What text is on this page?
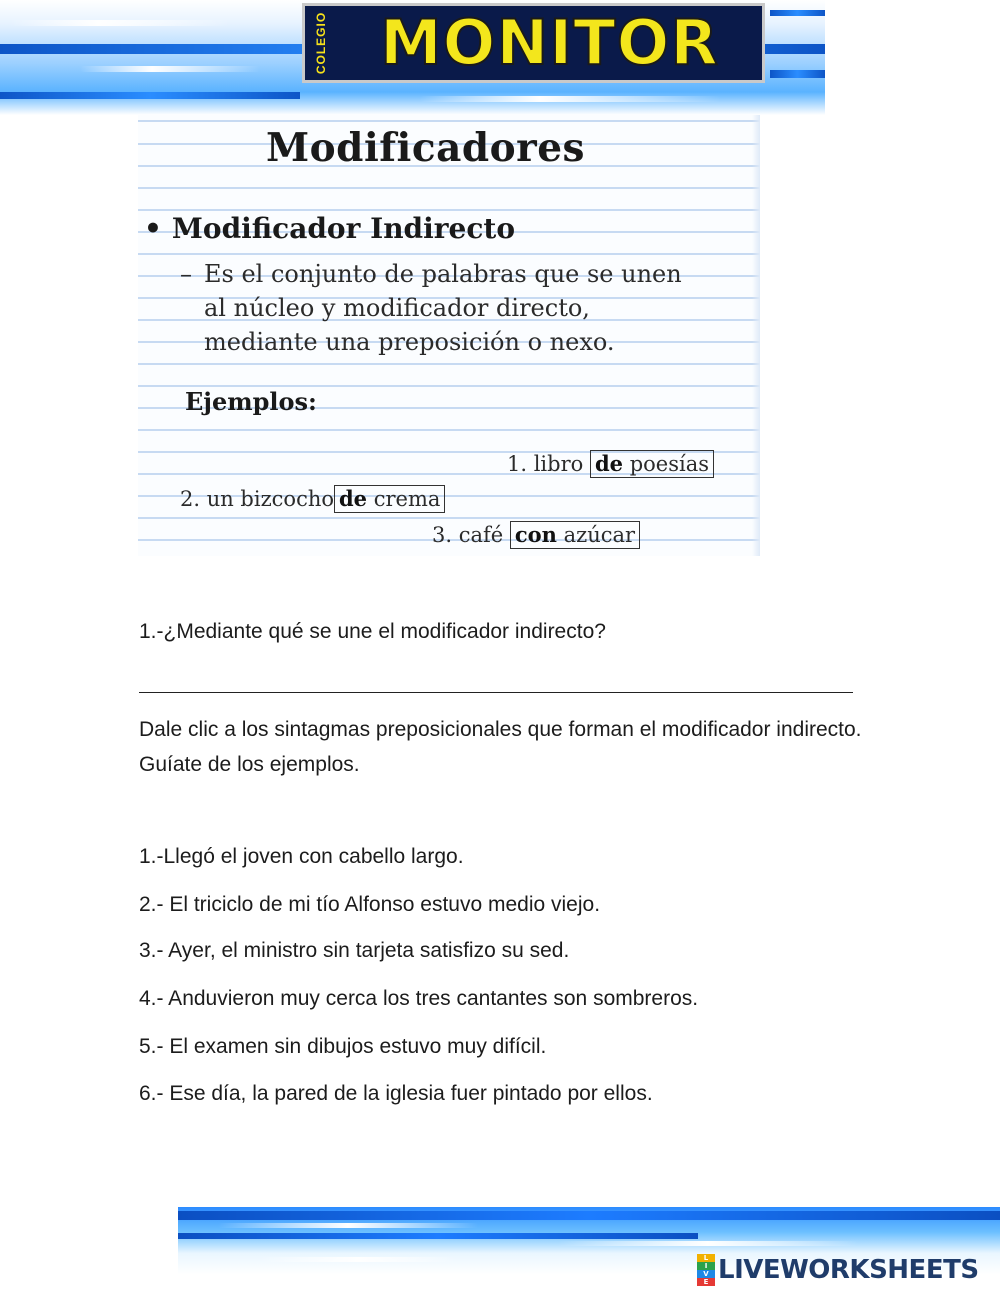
COLEGIO MONITOR
Modificadores
• Modificador Indirecto
– Es el conjunto de palabras que se unen
al núcleo y modificador directo,
mediante una preposición o nexo.
Ejemplos:
1. libro de poesías
2. un bizcocho de crema
3. café con azúcar
1.-¿Mediante qué se une el modificador indirecto?
Dale clic a los sintagmas preposicionales que forman el modificador indirecto. Guíate de los ejemplos.
1.-Llegó el joven con cabello largo.
2.- El triciclo de mi tío Alfonso estuvo medio viejo.
3.- Ayer, el ministro sin tarjeta satisfizo su sed.
4.- Anduvieron muy cerca los tres cantantes son sombreros.
5.- El examen sin dibujos estuvo muy difícil.
6.- Ese día, la pared de la iglesia fuer pintado por ellos.
L
I
V
E LIVEWORKSHEETS
